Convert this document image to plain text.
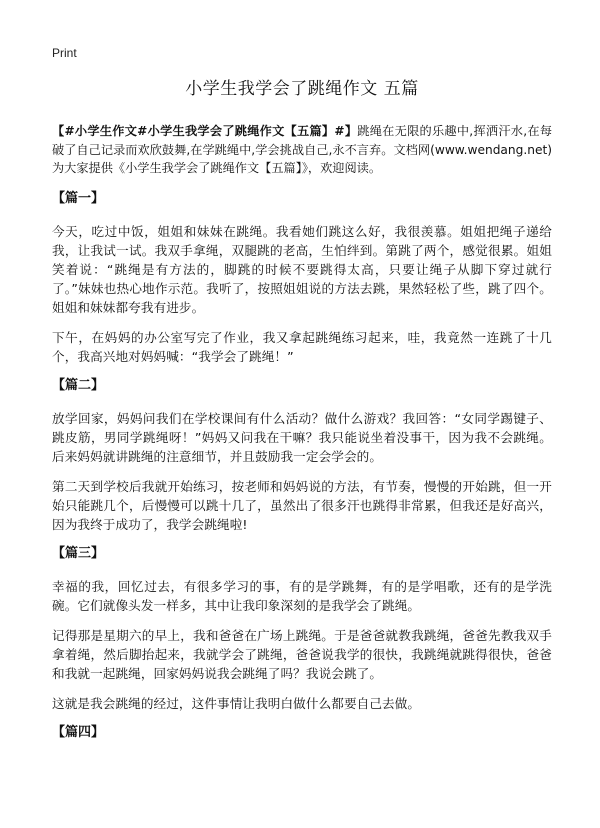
Print
小学生我学会了跳绳作文 五篇

【#小学生作文#小学生我学会了跳绳作文【五篇】#】跳绳在无限的乐趣中,挥洒汗水,在每破了自己记录而欢欣鼓舞,在学跳绳中,学会挑战自己,永不言弃。文档网(www.wendang.net)为大家提供《小学生我学会了跳绳作文【五篇】》，欢迎阅读。

【篇一】

今天，吃过中饭，姐姐和妹妹在跳绳。我看她们跳这么好，我很羡慕。姐姐把绳子递给我，让我试一试。我双手拿绳，双腿跳的老高，生怕绊到。第跳了两个，感觉很累。姐姐笑着说：“跳绳是有方法的，脚跳的时候不要跳得太高，只要让绳子从脚下穿过就行了。”妹妹也热心地作示范。我听了，按照姐姐说的方法去跳，果然轻松了些，跳了四个。姐姐和妹妹都夸我有进步。

下午，在妈妈的办公室写完了作业，我又拿起跳绳练习起来，哇，我竟然一连跳了十几个，我高兴地对妈妈喊：“我学会了跳绳！”

【篇二】

放学回家，妈妈问我们在学校课间有什么活动？做什么游戏？我回答：“女同学踢键子、跳皮筋，男同学跳绳呀！”妈妈又问我在干嘛？我只能说坐着没事干，因为我不会跳绳。后来妈妈就讲跳绳的注意细节，并且鼓励我一定会学会的。

第二天到学校后我就开始练习，按老师和妈妈说的方法，有节奏，慢慢的开始跳，但一开始只能跳几个，后慢慢可以跳十几了，虽然出了很多汗也跳得非常累，但我还是好高兴，因为我终于成功了，我学会跳绳啦!

【篇三】

幸福的我，回忆过去，有很多学习的事，有的是学跳舞，有的是学唱歌，还有的是学洗碗。它们就像头发一样多，其中让我印象深刻的是我学会了跳绳。

记得那是星期六的早上，我和爸爸在广场上跳绳。于是爸爸就教我跳绳，爸爸先教我双手拿着绳，然后脚抬起来，我就学会了跳绳，爸爸说我学的很快，我跳绳就跳得很快，爸爸和我就一起跳绳，回家妈妈说我会跳绳了吗？我说会跳了。

这就是我会跳绳的经过，这件事情让我明白做什么都要自己去做。

【篇四】
